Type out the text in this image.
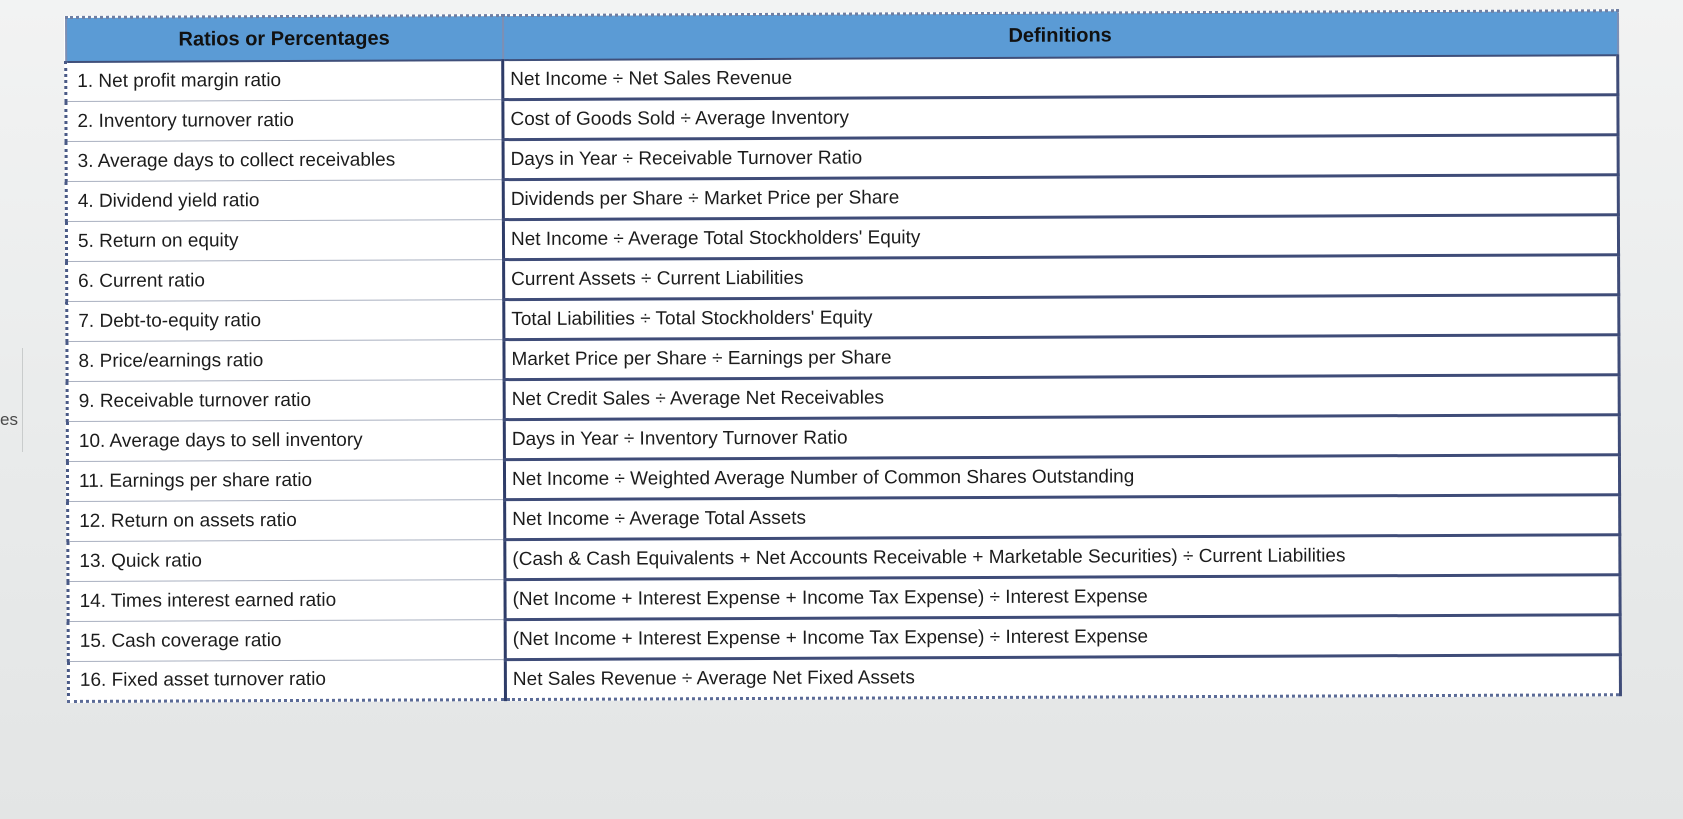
es
Ratios or Percentages	Definitions
1. Net profit margin ratio	Net Income ÷ Net Sales Revenue
2. Inventory turnover ratio	Cost of Goods Sold ÷ Average Inventory
3. Average days to collect receivables	Days in Year ÷ Receivable Turnover Ratio
4. Dividend yield ratio	Dividends per Share ÷ Market Price per Share
5. Return on equity	Net Income ÷ Average Total Stockholders' Equity
6. Current ratio	Current Assets ÷ Current Liabilities
7. Debt-to-equity ratio	Total Liabilities ÷ Total Stockholders' Equity
8. Price/earnings ratio	Market Price per Share ÷ Earnings per Share
9. Receivable turnover ratio	Net Credit Sales ÷ Average Net Receivables
10. Average days to sell inventory	Days in Year ÷ Inventory Turnover Ratio
11. Earnings per share ratio	Net Income ÷ Weighted Average Number of Common Shares Outstanding
12. Return on assets ratio	Net Income ÷ Average Total Assets
13. Quick ratio	(Cash & Cash Equivalents + Net Accounts Receivable + Marketable Securities) ÷ Current Liabilities
14. Times interest earned ratio	(Net Income + Interest Expense + Income Tax Expense) ÷ Interest Expense
15. Cash coverage ratio	(Net Income + Interest Expense + Income Tax Expense) ÷ Interest Expense
16. Fixed asset turnover ratio	Net Sales Revenue ÷ Average Net Fixed Assets
